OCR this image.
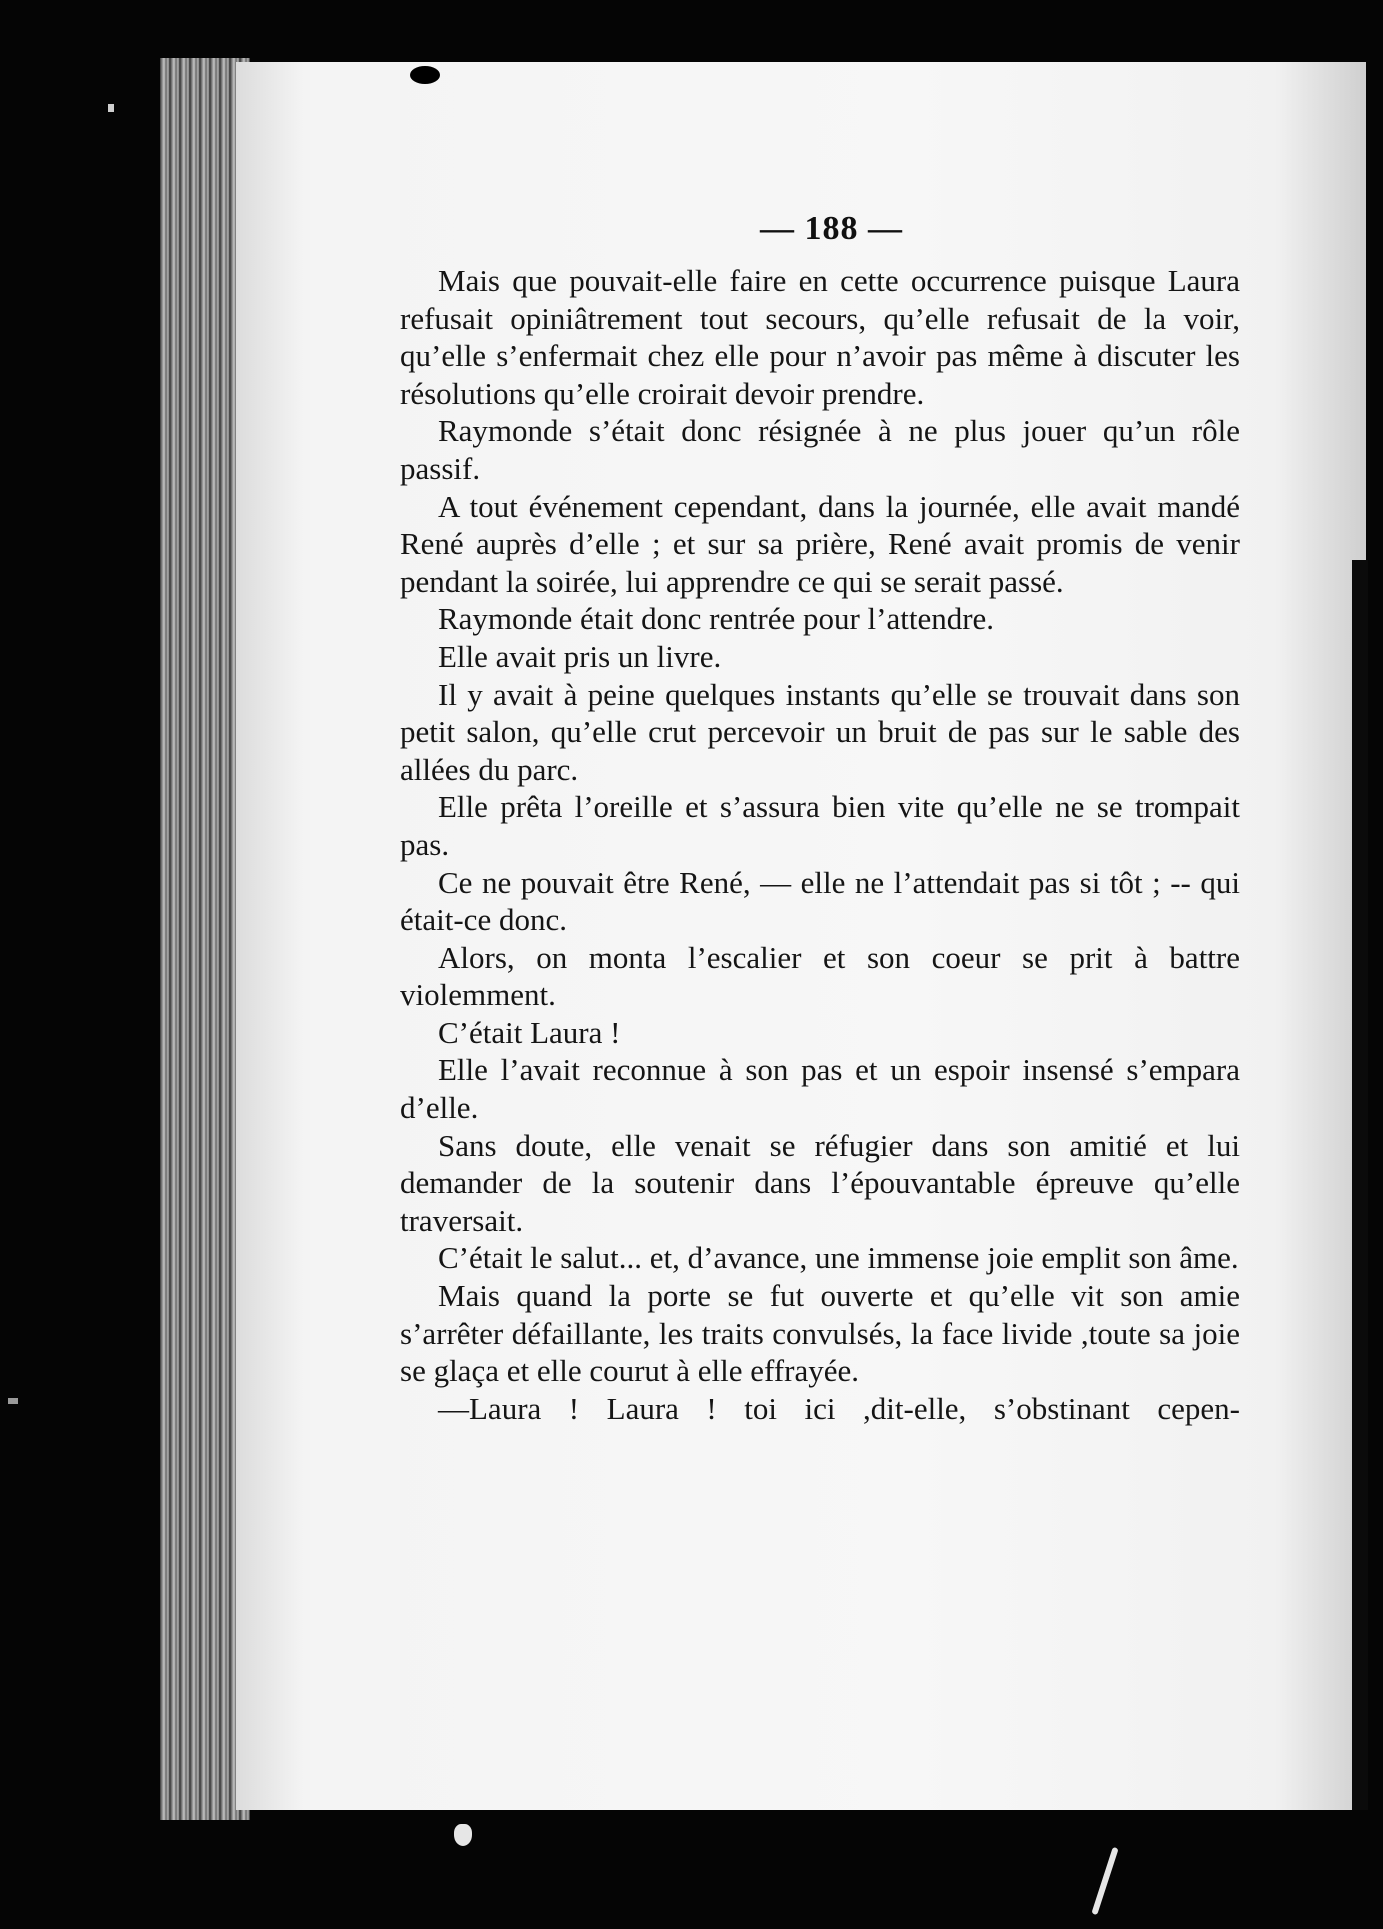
— 188 —

Mais que pouvait-elle faire en cette occurrence puisque Laura refusait opiniâtrement tout secours, qu’elle refusait de la voir, qu’elle s’enfermait chez elle pour n’avoir pas même à discuter les résolutions qu’elle croirait devoir prendre.

Raymonde s’était donc résignée à ne plus jouer qu’un rôle passif.

A tout événement cependant, dans la journée, elle avait mandé René auprès d’elle ; et sur sa prière, René avait promis de venir pendant la soirée, lui apprendre ce qui se serait passé.

Raymonde était donc rentrée pour l’attendre.

Elle avait pris un livre.

Il y avait à peine quelques instants qu’elle se trouvait dans son petit salon, qu’elle crut percevoir un bruit de pas sur le sable des allées du parc.

Elle prêta l’oreille et s’assura bien vite qu’elle ne se trompait pas.

Ce ne pouvait être René, — elle ne l’attendait pas si tôt ; -- qui était-ce donc.

Alors, on monta l’escalier et son coeur se prit à battre violemment.

C’était Laura !

Elle l’avait reconnue à son pas et un espoir insensé s’empara d’elle.

Sans doute, elle venait se réfugier dans son amitié et lui demander de la soutenir dans l’épouvantable épreuve qu’elle traversait.

C’était le salut... et, d’avance, une immense joie emplit son âme.

Mais quand la porte se fut ouverte et qu’elle vit son amie s’arrêter défaillante, les traits convulsés, la face livide ,toute sa joie se glaça et elle courut à elle effrayée.

—Laura ! Laura ! toi ici ,dit-elle, s’obstinant cepen-
